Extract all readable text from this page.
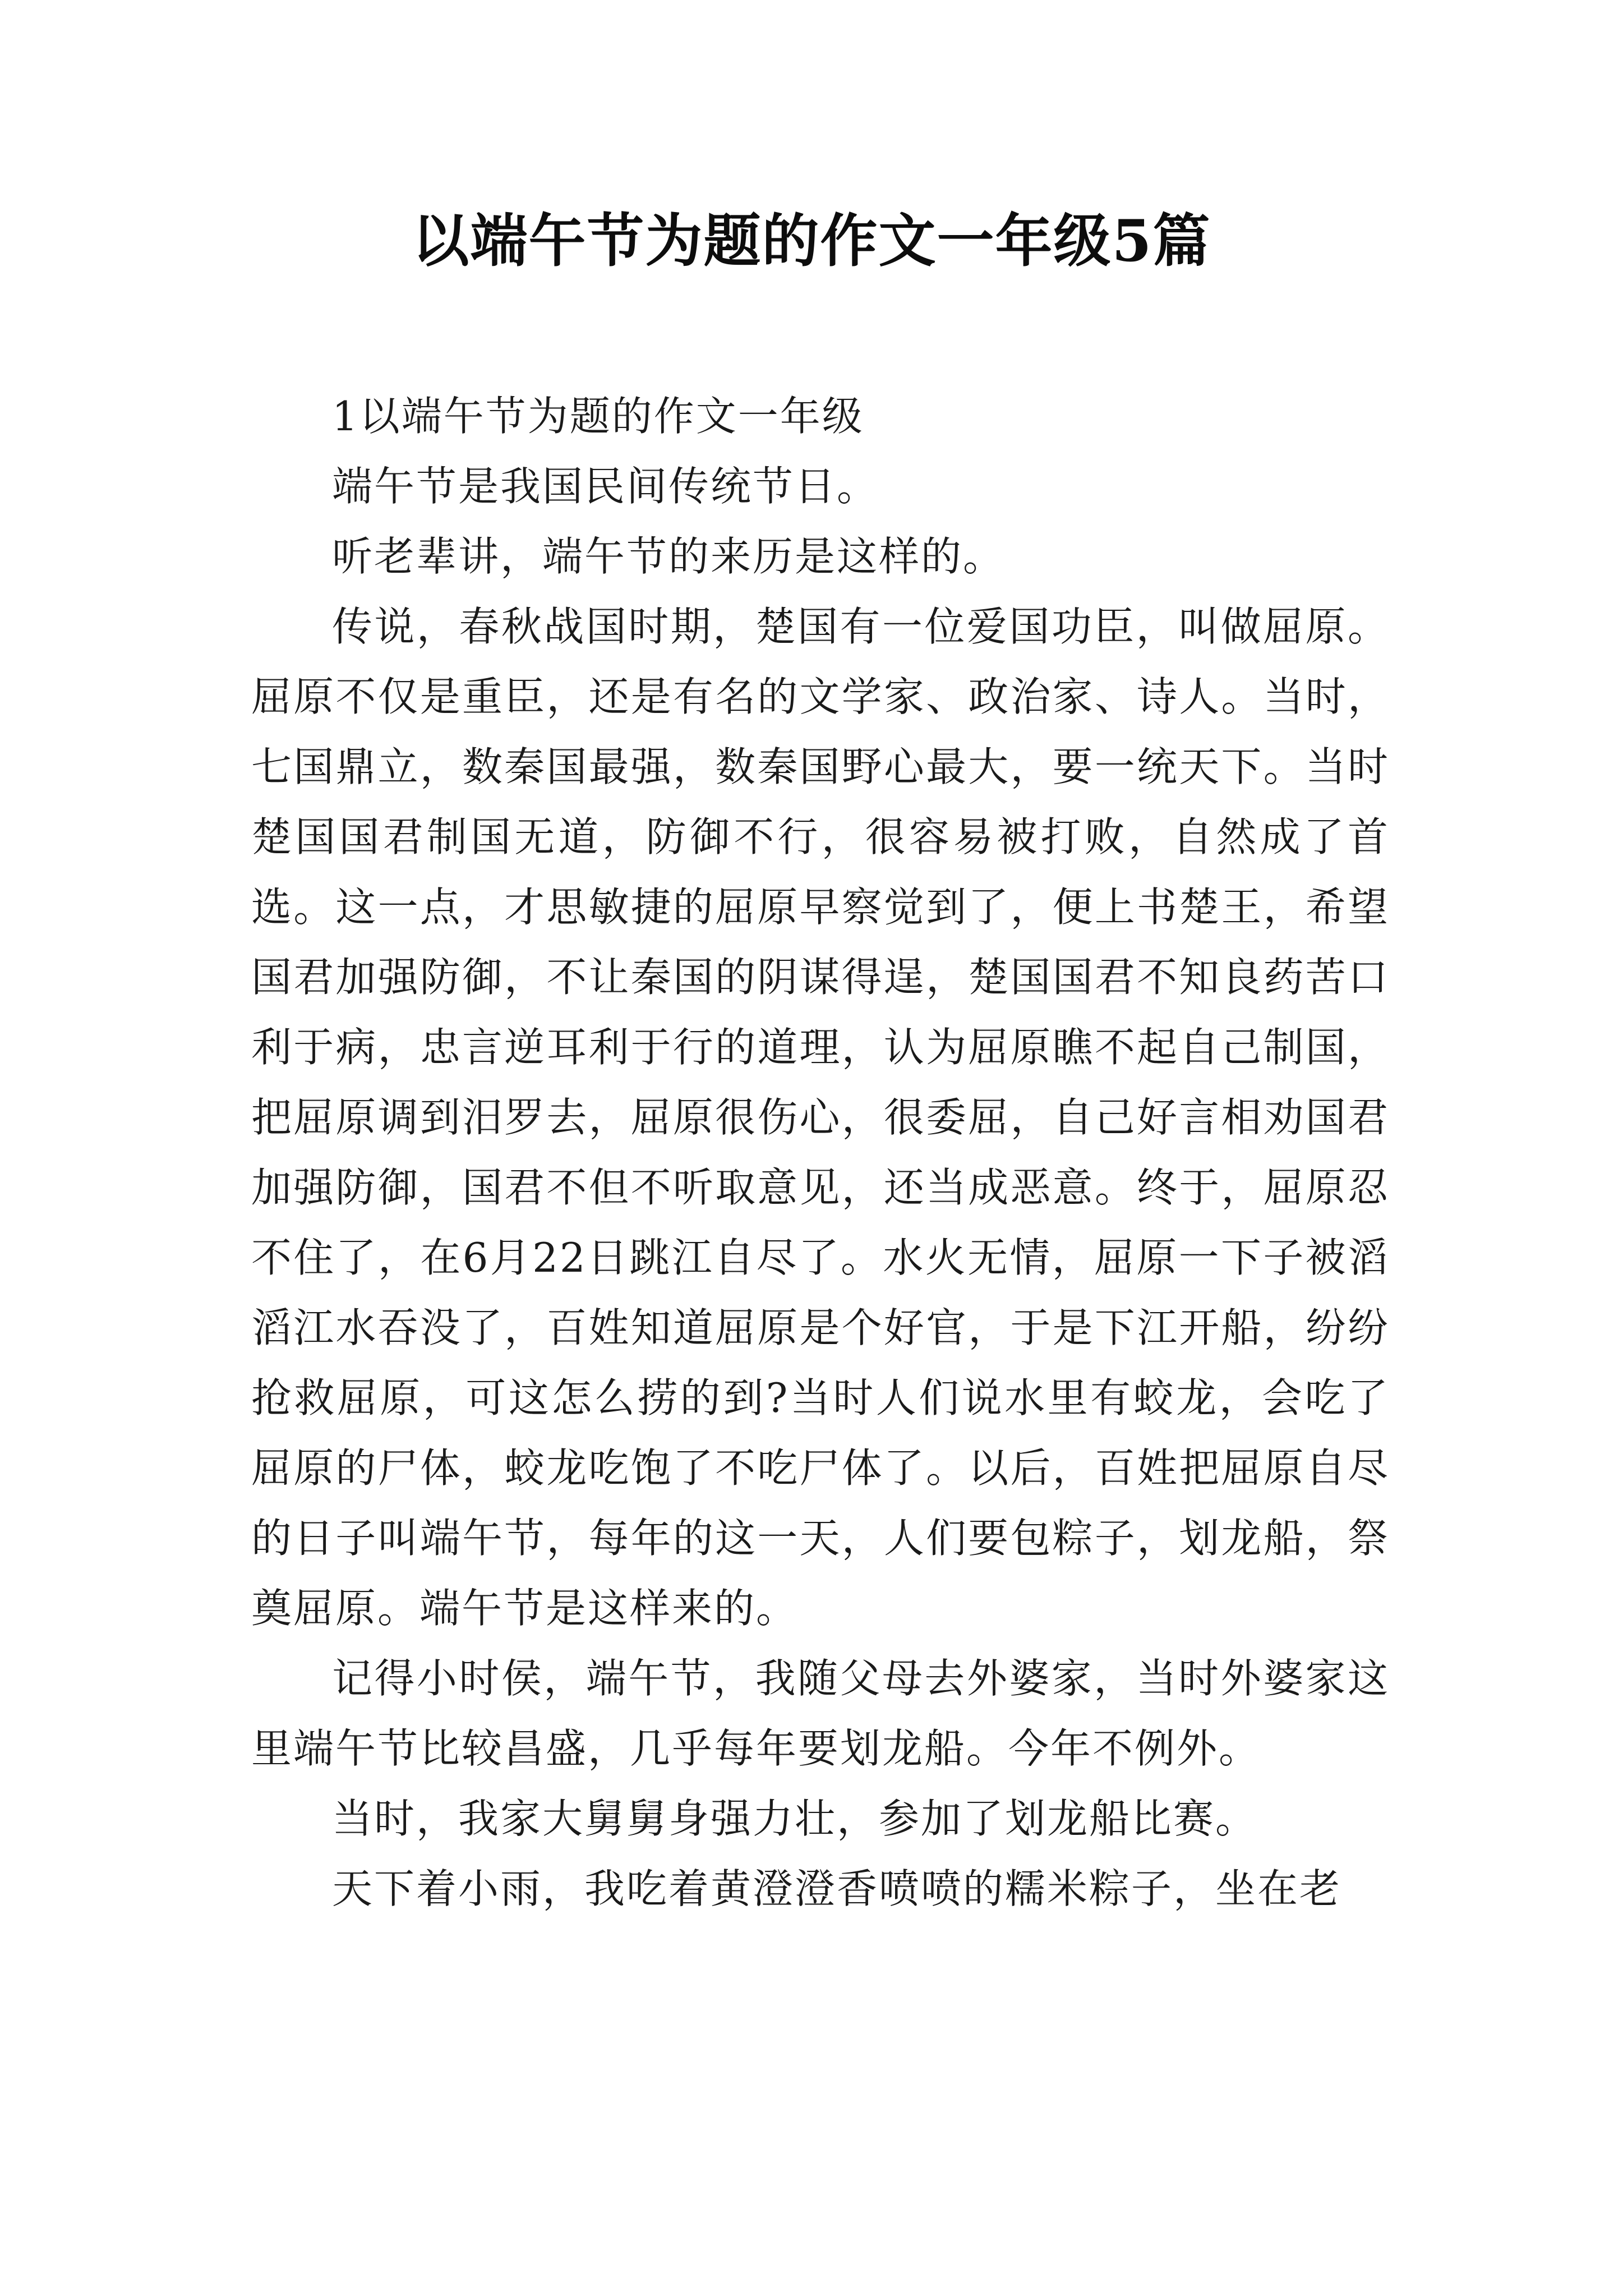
以端午节为题的作文一年级5篇

1以端午节为题的作文一年级

端午节是我国民间传统节日。

听老辈讲，端午节的来历是这样的。

传说，春秋战国时期，楚国有一位爱国功臣，叫做屈原。屈原不仅是重臣，还是有名的文学家、政治家、诗人。当时，七国鼎立，数秦国最强，数秦国野心最大，要一统天下。当时楚国国君制国无道，防御不行，很容易被打败，自然成了首选。这一点，才思敏捷的屈原早察觉到了，便上书楚王，希望国君加强防御，不让秦国的阴谋得逞，楚国国君不知良药苦口利于病，忠言逆耳利于行的道理，认为屈原瞧不起自己制国，把屈原调到汨罗去，屈原很伤心，很委屈，自己好言相劝国君加强防御，国君不但不听取意见，还当成恶意。终于，屈原忍不住了，在6月22日跳江自尽了。水火无情，屈原一下子被滔滔江水吞没了，百姓知道屈原是个好官，于是下江开船，纷纷抢救屈原，可这怎么捞的到?当时人们说水里有蛟龙，会吃了屈原的尸体，蛟龙吃饱了不吃尸体了。以后，百姓把屈原自尽的日子叫端午节，每年的这一天，人们要包粽子，划龙船，祭奠屈原。端午节是这样来的。

记得小时侯，端午节，我随父母去外婆家，当时外婆家这里端午节比较昌盛，几乎每年要划龙船。今年不例外。

当时，我家大舅舅身强力壮，参加了划龙船比赛。

天下着小雨，我吃着黄澄澄香喷喷的糯米粽子，坐在老
